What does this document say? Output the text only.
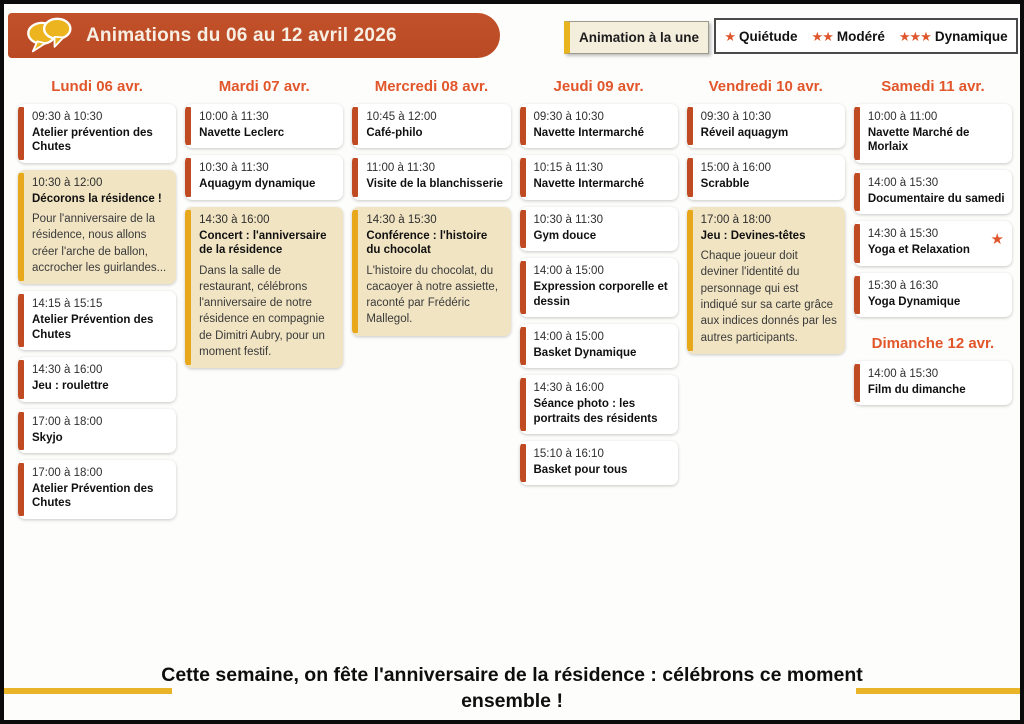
Animations du 06 au 12 avril 2026	Animation à la une ★ Quiétude ★★ Modéré ★★★ Dynamique
Lundi 06 avr.
09:30 à 10:30
Atelier prévention des Chutes
10:30 à 12:00
Décorons la résidence !
Pour l'anniversaire de la résidence, nous allons créer l'arche de ballon, accrocher les guirlandes...
14:15 à 15:15
Atelier Prévention des Chutes
14:30 à 16:00
Jeu : roulettre
17:00 à 18:00
Skyjo
17:00 à 18:00
Atelier Prévention des Chutes
Mardi 07 avr.
10:00 à 11:30
Navette Leclerc
10:30 à 11:30
Aquagym dynamique
14:30 à 16:00
Concert : l'anniversaire de la résidence
Dans la salle de restaurant, célébrons l'anniversaire de notre résidence en compagnie de Dimitri Aubry, pour un moment festif.
Mercredi 08 avr.
10:45 à 12:00
Café-philo
11:00 à 11:30
Visite de la blanchisserie
14:30 à 15:30
Conférence : l'histoire du chocolat
L'histoire du chocolat, du cacaoyer à notre assiette, raconté par Frédéric Mallegol.
Jeudi 09 avr.
09:30 à 10:30
Navette Intermarché
10:15 à 11:30
Navette Intermarché
10:30 à 11:30
Gym douce
14:00 à 15:00
Expression corporelle et dessin
14:00 à 15:00
Basket Dynamique
14:30 à 16:00
Séance photo : les portraits des résidents
15:10 à 16:10
Basket pour tous
Vendredi 10 avr.
09:30 à 10:30
Réveil aquagym
15:00 à 16:00
Scrabble
17:00 à 18:00
Jeu : Devines-têtes
Chaque joueur doit deviner l'identité du personnage qui est indiqué sur sa carte grâce aux indices donnés par les autres participants.
Samedi 11 avr.
10:00 à 11:00
Navette Marché de Morlaix
14:00 à 15:30
Documentaire du samedi
14:30 à 15:30
Yoga et Relaxation
★
15:30 à 16:30
Yoga Dynamique
Dimanche 12 avr.
14:00 à 15:30
Film du dimanche
Cette semaine, on fête l'anniversaire de la résidence : célébrons ce moment ensemble !
